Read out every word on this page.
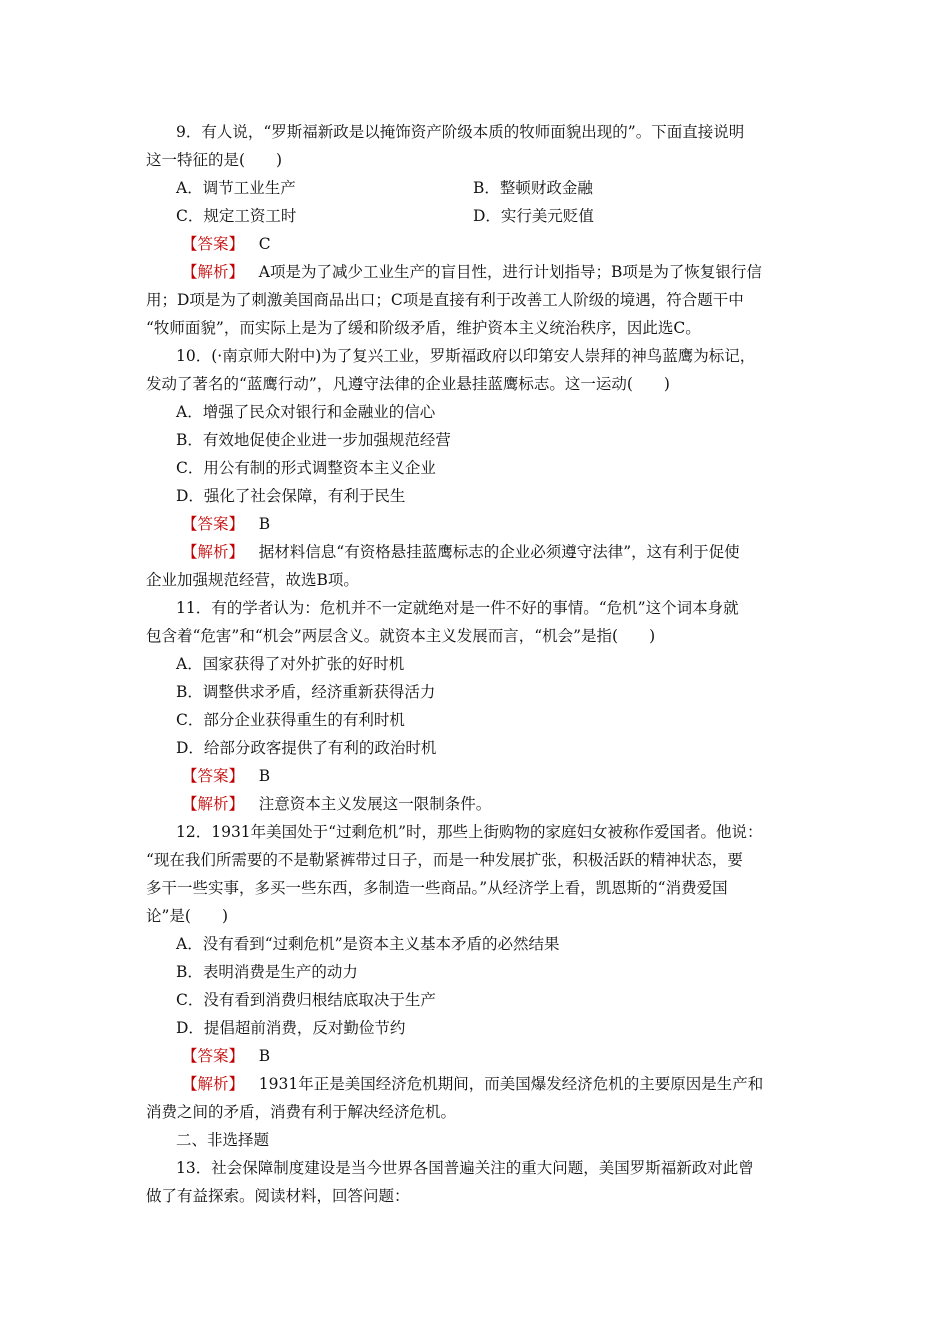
9．有人说，“罗斯福新政是以掩饰资产阶级本质的牧师面貌出现的”。下面直接说明
这一特征的是(　　)
A．调节工业生产	B．整顿财政金融
C．规定工资工时	D．实行美元贬值
【答案】 C
【解析】 A项是为了减少工业生产的盲目性，进行计划指导；B项是为了恢复银行信
用；D项是为了刺激美国商品出口；C项是直接有利于改善工人阶级的境遇，符合题干中
“牧师面貌”，而实际上是为了缓和阶级矛盾，维护资本主义统治秩序，因此选C。
10．(·南京师大附中)为了复兴工业，罗斯福政府以印第安人崇拜的神鸟蓝鹰为标记，
发动了著名的“蓝鹰行动”，凡遵守法律的企业悬挂蓝鹰标志。这一运动(　　)
A．增强了民众对银行和金融业的信心
B．有效地促使企业进一步加强规范经营
C．用公有制的形式调整资本主义企业
D．强化了社会保障，有利于民生
【答案】 B
【解析】 据材料信息“有资格悬挂蓝鹰标志的企业必须遵守法律”，这有利于促使
企业加强规范经营，故选B项。
11．有的学者认为：危机并不一定就绝对是一件不好的事情。“危机”这个词本身就
包含着“危害”和“机会”两层含义。就资本主义发展而言，“机会”是指(　　)
A．国家获得了对外扩张的好时机
B．调整供求矛盾，经济重新获得活力
C．部分企业获得重生的有利时机
D．给部分政客提供了有利的政治时机
【答案】 B
【解析】 注意资本主义发展这一限制条件。
12．1931年美国处于“过剩危机”时，那些上街购物的家庭妇女被称作爱国者。他说：
“现在我们所需要的不是勒紧裤带过日子，而是一种发展扩张，积极活跃的精神状态，要
多干一些实事，多买一些东西，多制造一些商品。”从经济学上看，凯恩斯的“消费爱国
论”是(　　)
A．没有看到“过剩危机”是资本主义基本矛盾的必然结果
B．表明消费是生产的动力
C．没有看到消费归根结底取决于生产
D．提倡超前消费，反对勤俭节约
【答案】 B
【解析】 1931年正是美国经济危机期间，而美国爆发经济危机的主要原因是生产和
消费之间的矛盾，消费有利于解决经济危机。
二、非选择题
13．社会保障制度建设是当今世界各国普遍关注的重大问题，美国罗斯福新政对此曾
做了有益探索。阅读材料，回答问题：
